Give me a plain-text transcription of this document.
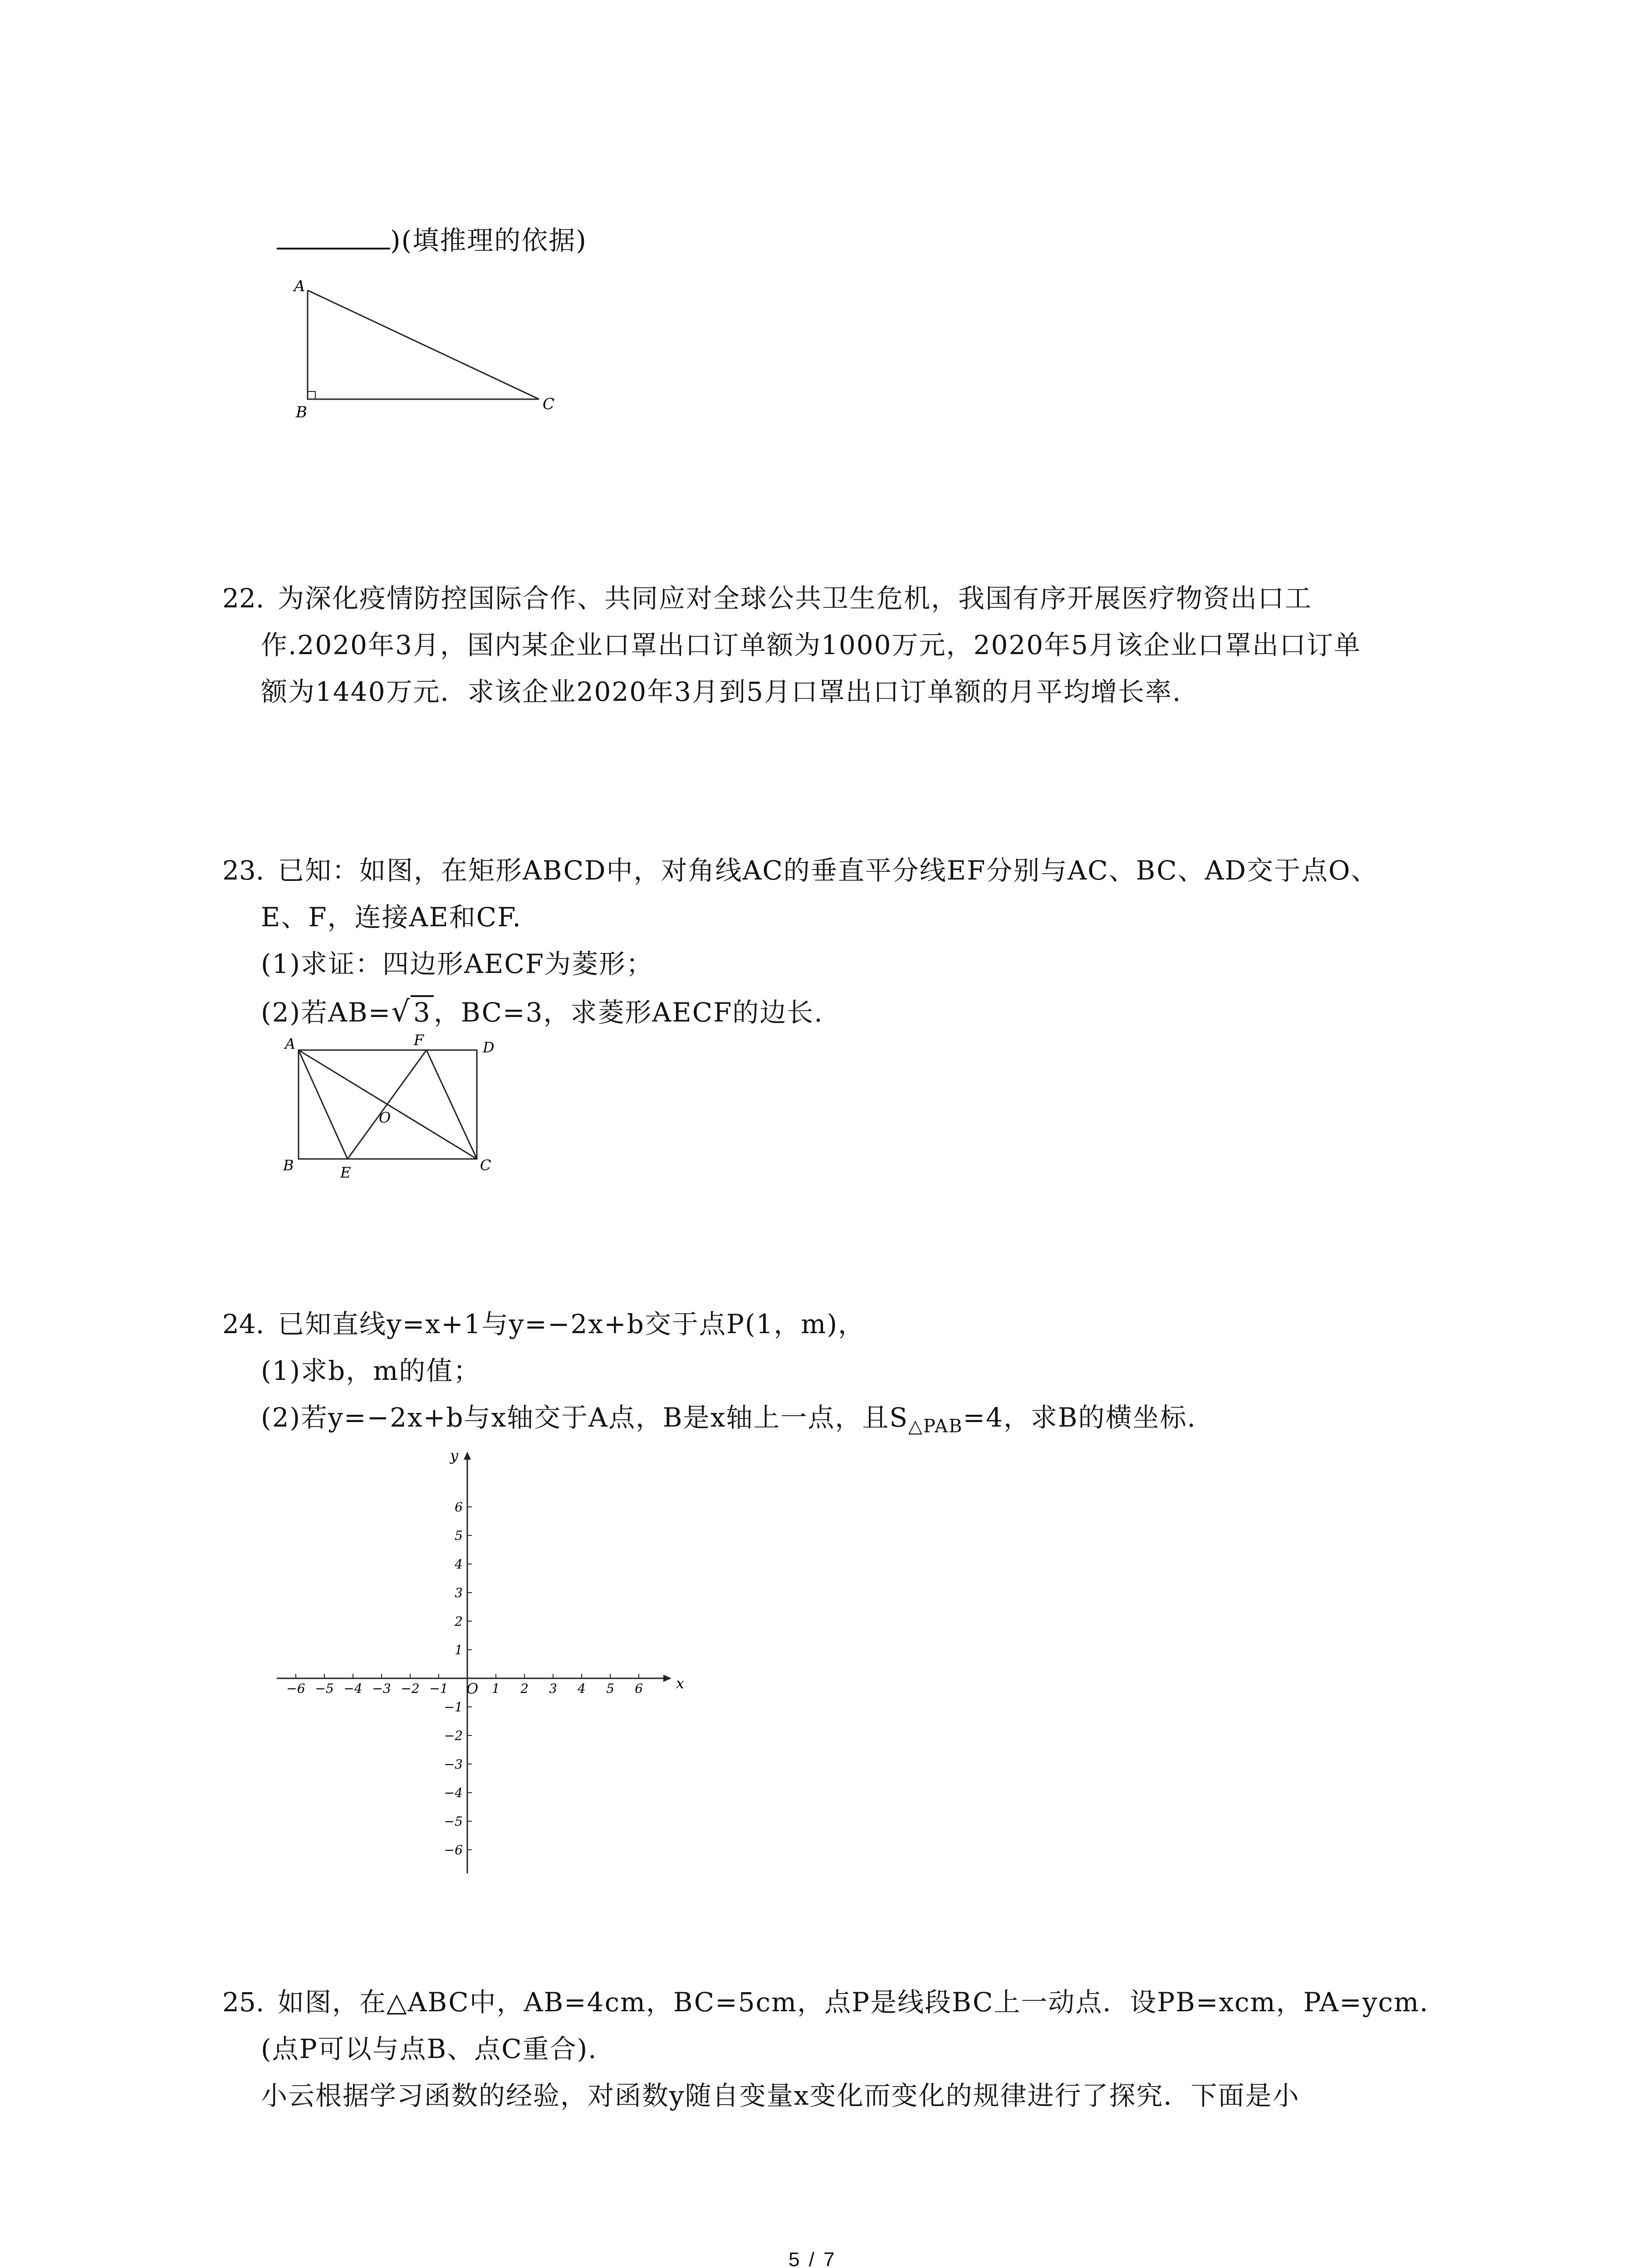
)(填推理的依据)
A
B	C
22. 为深化疫情防控国际合作、共同应对全球公共卫生危机，我国有序开展医疗物资出口工
作.2020年3月，国内某企业口罩出口订单额为1000万元，2020年5月该企业口罩出口订单
额为1440万元．求该企业2020年3月到5月口罩出口订单额的月平均增长率.
23. 已知：如图，在矩形ABCD中，对角线AC的垂直平分线EF分别与AC、BC、AD交于点O、
E、F，连接AE和CF.
(1)求证：四边形AECF为菱形；
(2)若AB=√ 3 ，BC=3，求菱形AECF的边长.
A	F	D
O
B	E	C
24. 已知直线y=x+1与y=−2x+b交于点P(1，m)，
(1)求b，m的值；
(2)若y=−2x+b与x轴交于A点，B是x轴上一点，且$S_{\triangle PAB}=4$，求B的横坐标.
x
y
O
−6 −5 −4 −3 −2 −1	1 2 3 4 5 6
6
5
4
3
2
1
−1
−2
−3
−4
−5
−6
25. 如图，在△ABC中，AB=4cm，BC=5cm，点P是线段BC上一动点．设PB=xcm，PA=ycm．
(点P可以与点B、点C重合).
小云根据学习函数的经验，对函数y随自变量x变化而变化的规律进行了探究．下面是小
5 / 7
